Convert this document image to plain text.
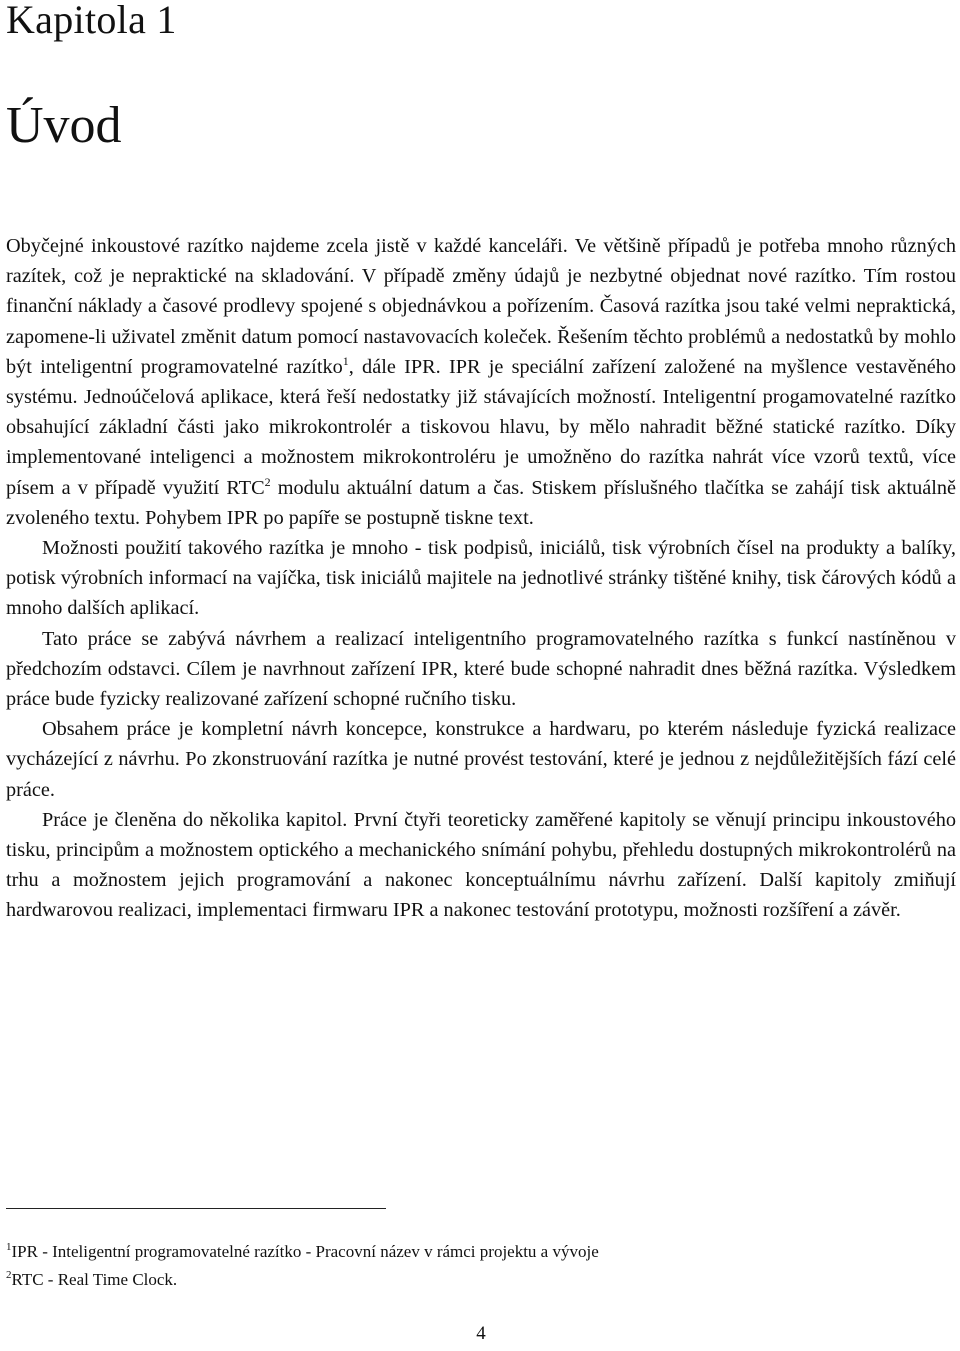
Kapitola 1
Úvod

Obyčejné inkoustové razítko najdeme zcela jistě v každé kanceláři. Ve většině případů je potřeba mnoho různých razítek, což je nepraktické na skladování. V případě změny údajů je nezbytné objednat nové razítko. Tím rostou finanční náklady a časové prodlevy spojené s objednávkou a pořízením. Časová razítka jsou také velmi nepraktická, zapomene-li uživatel změnit datum pomocí nastavovacích koleček. Řešením těchto problémů a nedostatků by mohlo být inteligentní programovatelné razítko$^1$, dále IPR. IPR je speciální zařízení založené na myšlence vestavěného systému. Jednoúčelová aplikace, která řeší nedostatky již stávajících možností. Inteligentní progamovatelné razítko obsahující základní části jako mikrokontrolér a tiskovou hlavu, by mělo nahradit běžné statické razítko. Díky implementované inteligenci a možnostem mikrokontroléru je umožněno do razítka nahrát více vzorů textů, více písem a v případě využití RTC$^2$ modulu aktuální datum a čas. Stiskem příslušného tlačítka se zahájí tisk aktuálně zvoleného textu. Pohybem IPR po papíře se postupně tiskne text.

Možnosti použití takového razítka je mnoho - tisk podpisů, iniciálů, tisk výrobních čísel na produkty a balíky, potisk výrobních informací na vajíčka, tisk iniciálů majitele na jednotlivé stránky tištěné knihy, tisk čárových kódů a mnoho dalších aplikací.

Tato práce se zabývá návrhem a realizací inteligentního programovatelného razítka s funkcí nastíněnou v předchozím odstavci. Cílem je navrhnout zařízení IPR, které bude schopné nahradit dnes běžná razítka. Výsledkem práce bude fyzicky realizované zařízení schopné ručního tisku.

Obsahem práce je kompletní návrh koncepce, konstrukce a hardwaru, po kterém následuje fyzická realizace vycházející z návrhu. Po zkonstruování razítka je nutné provést testování, které je jednou z nejdůležitějších fází celé práce.

Práce je členěna do několika kapitol. První čtyři teoreticky zaměřené kapitoly se věnují principu inkoustového tisku, principům a možnostem optického a mechanického snímání pohybu, přehledu dostupných mikrokontrolérů na trhu a možnostem jejich programování a nakonec konceptuálnímu návrhu zařízení. Další kapitoly zmiňují hardwarovou realizaci, implementaci firmwaru IPR a nakonec testování prototypu, možnosti rozšíření a závěr.

$^1$IPR - Inteligentní programovatelné razítko - Pracovní název v rámci projektu a vývoje

$^2$RTC - Real Time Clock.

4
